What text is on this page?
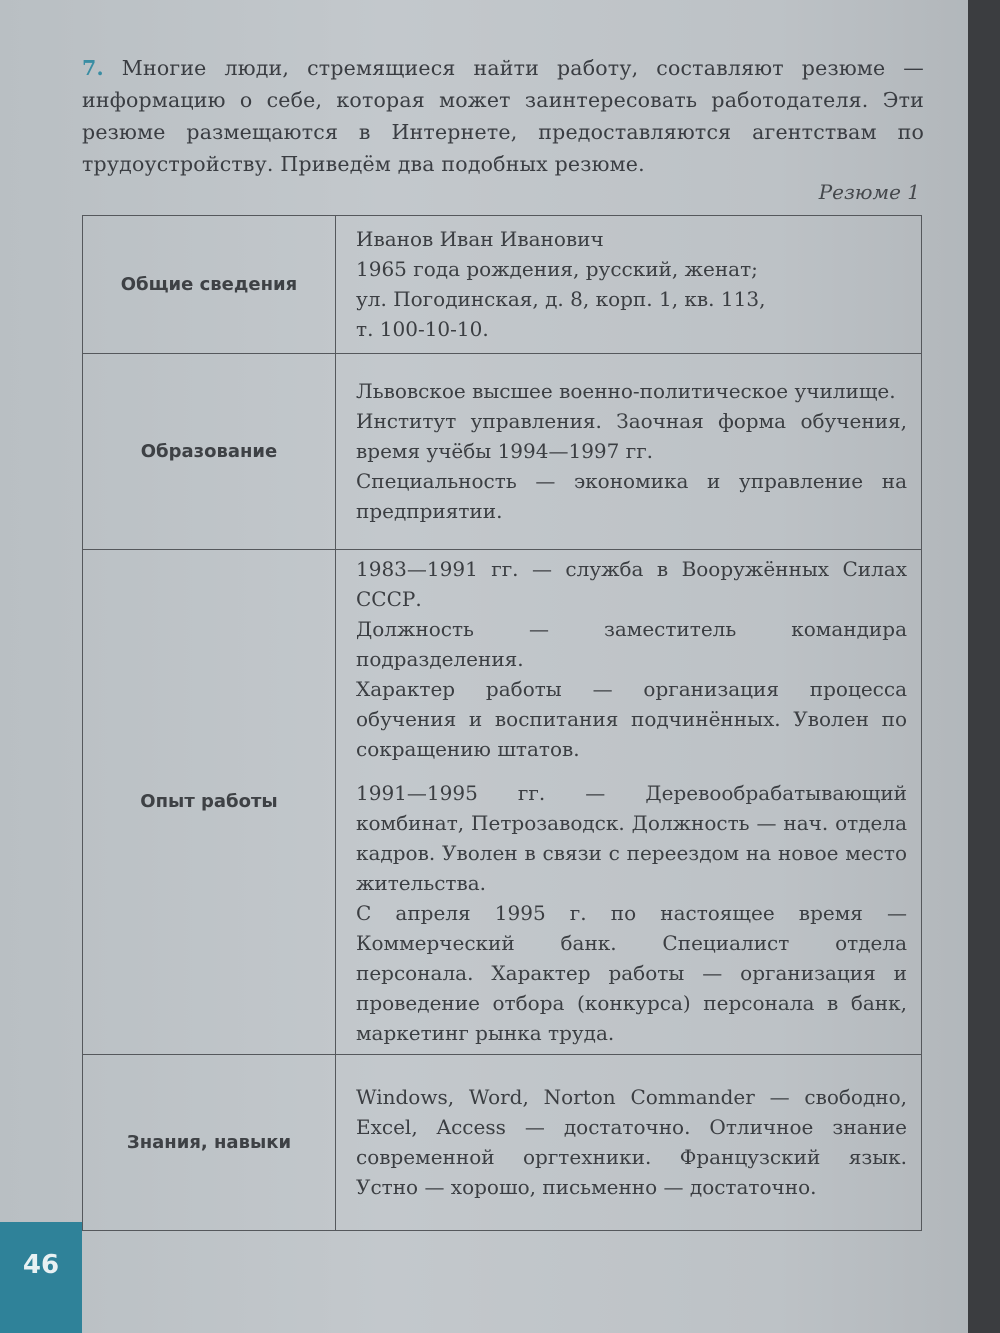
7. Многие люди, стремящиеся найти работу, составляют резюме — информацию о себе, которая может заинтересовать работодателя. Эти резюме размещаются в Интернете, предоставляются агентствам по трудоустройству. Приведём два подобных резюме.

Резюме 1
Общие сведения	Иванов Иван Иванович

1965 года рождения, русский, женат;

ул. Погодинская, д. 8, корп. 1, кв. 113,

т. 100-10-10.

Образование	Львовское высшее военно-политическое училище.

Институт управления. Заочная форма обучения, время учёбы 1994—1997 гг.

Специальность — экономика и управление на предприятии.

Опыт работы	1983—1991 гг. — служба в Вооружённых Силах СССР.

Должность — заместитель командира подразделения.

Характер работы — организация процесса обучения и воспитания подчинённых. Уволен по сокращению штатов.

1991—1995 гг. — Деревообрабатывающий комбинат, Петрозаводск. Должность — нач. отдела кадров. Уволен в связи с переездом на новое место жительства.

С апреля 1995 г. по настоящее время — Коммерческий банк. Специалист отдела персонала. Характер работы — организация и проведение отбора (конкурса) персонала в банк, маркетинг рынка труда.

Знания, навыки	Windows, Word, Norton Commander — свободно, Excel, Access — достаточно. Отличное знание современной оргтехники. Французский язык. Устно — хорошо, письменно — достаточно.

46
